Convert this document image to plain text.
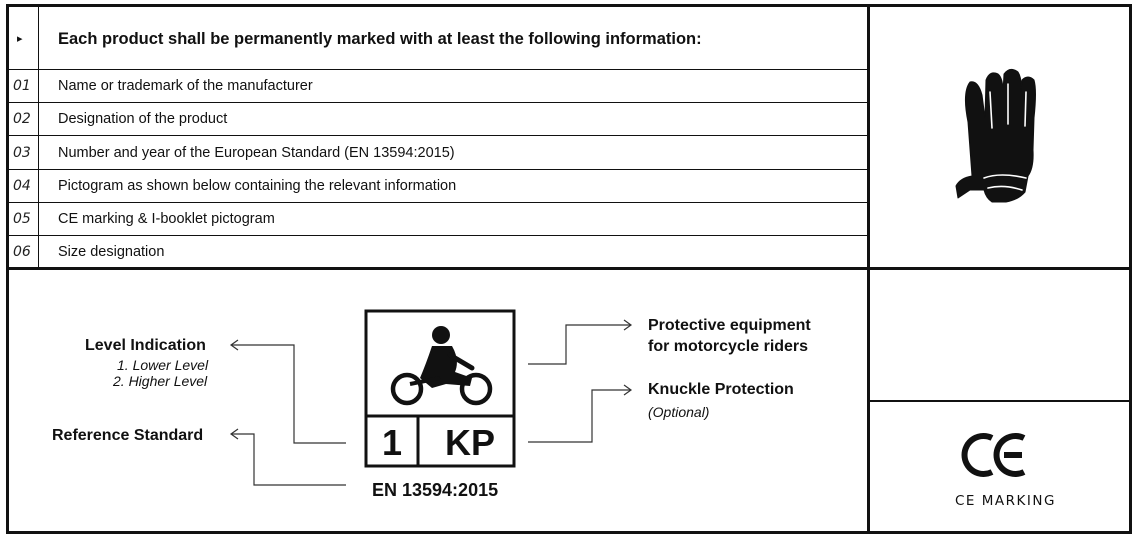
▸ Each product shall be permanently marked with at least the following information:
01	Name or trademark of the manufacturer
02	Designation of the product
03	Number and year of the European Standard (EN 13594:2015)
04	Pictogram as shown below containing the relevant information
05	CE marking & I-booklet pictogram
06	Size designation
1 KP
EN 13594:2015
Level Indication
1. Lower Level
2. Higher Level
Reference Standard
Protective equipment
for motorcycle riders
Knuckle Protection
(Optional)
CE MARKING
